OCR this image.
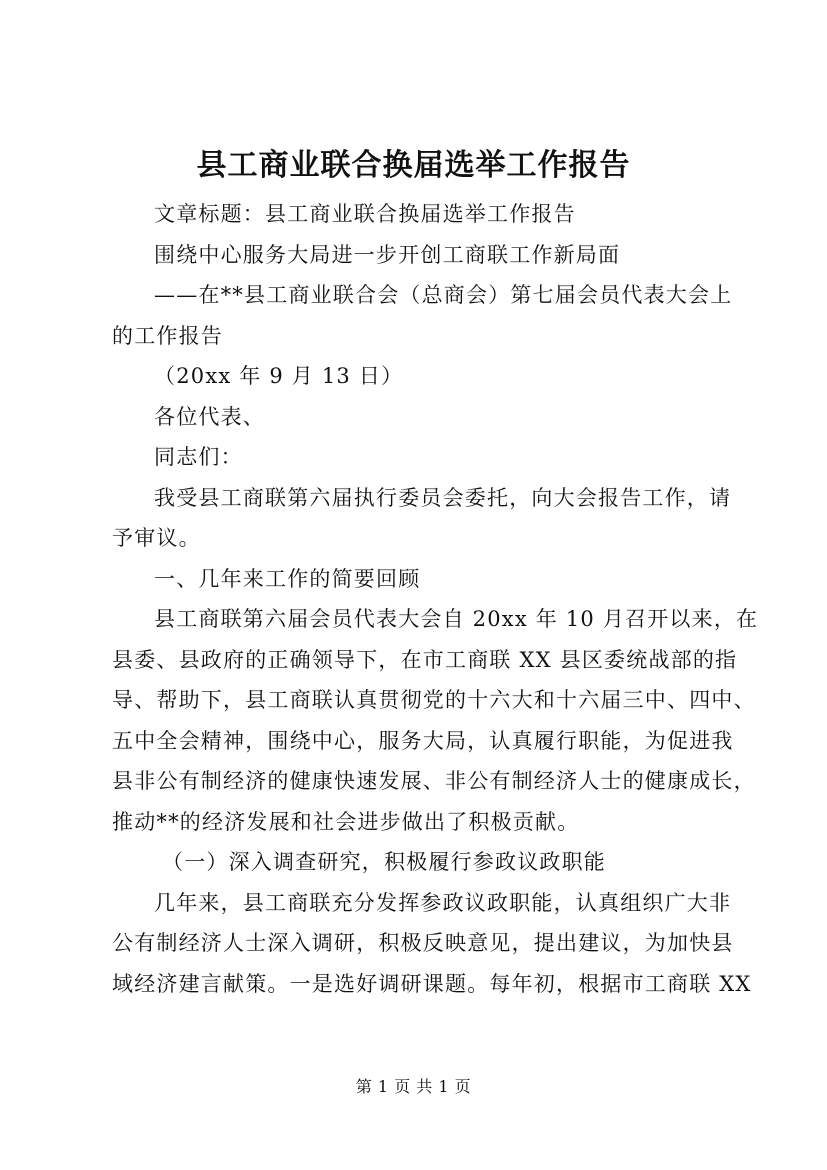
县工商业联合换届选举工作报告

文章标题：县工商业联合换届选举工作报告

围绕中心服务大局进一步开创工商联工作新局面

——在**县工商业联合会（总商会）第七届会员代表大会上

的工作报告

（20xx 年 9 月 13 日）

各位代表、

同志们：

我受县工商联第六届执行委员会委托，向大会报告工作，请

予审议。

一、几年来工作的简要回顾

县工商联第六届会员代表大会自 20xx 年 10 月召开以来，在

县委、县政府的正确领导下，在市工商联 XX 县区委统战部的指

导、帮助下，县工商联认真贯彻党的十六大和十六届三中、四中、

五中全会精神，围绕中心，服务大局，认真履行职能，为促进我

县非公有制经济的健康快速发展、非公有制经济人士的健康成长，

推动**的经济发展和社会进步做出了积极贡献。

（一）深入调查研究，积极履行参政议政职能

几年来，县工商联充分发挥参政议政职能，认真组织广大非

公有制经济人士深入调研，积极反映意见，提出建议，为加快县

域经济建言献策。一是选好调研课题。每年初，根据市工商联 XX

第 1 页 共 1 页
